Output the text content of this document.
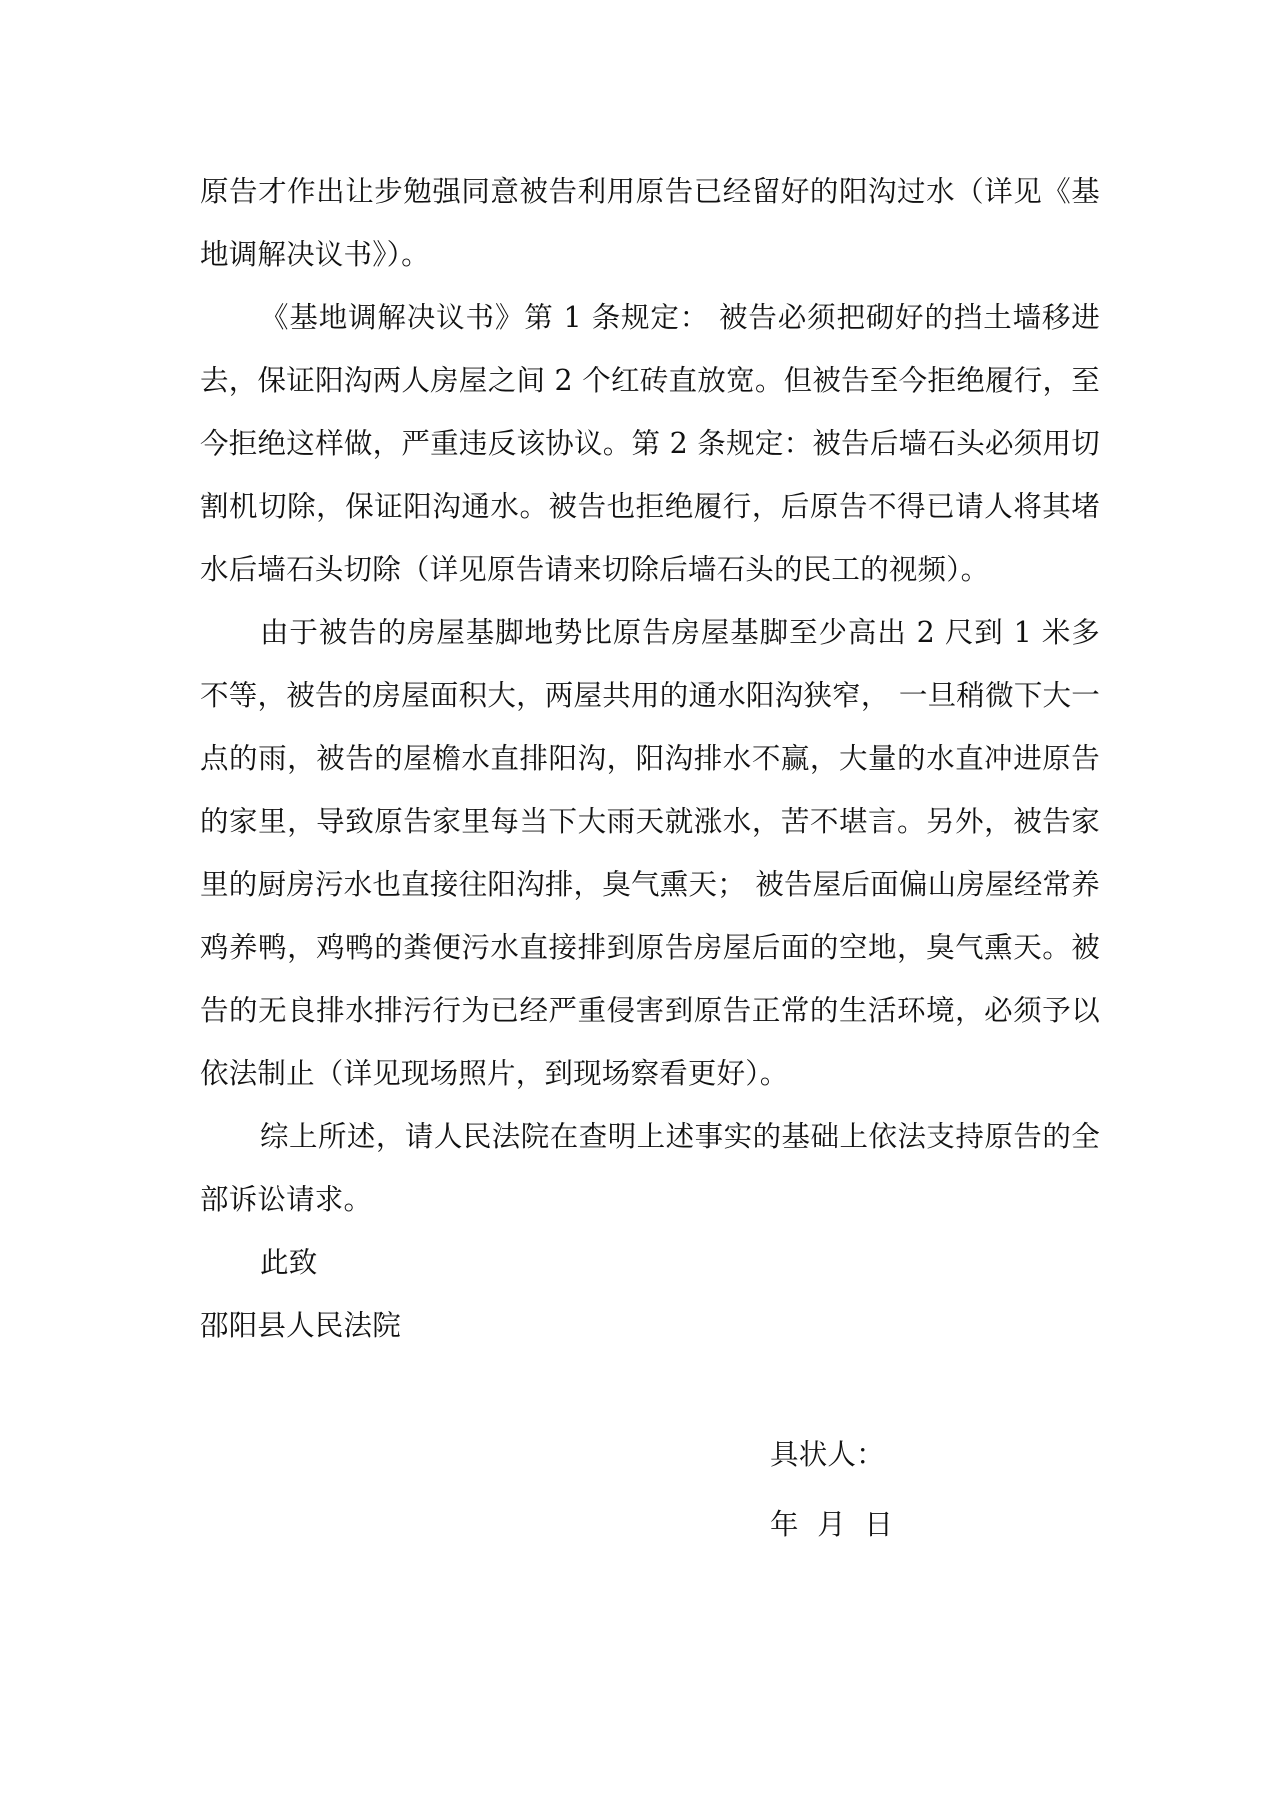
原告才作出让步勉强同意被告利用原告已经留好的阳沟过水（详见《基地调解决议书》）。

《基地调解决议书》第 1 条规定： 被告必须把砌好的挡土墙移进去，保证阳沟两人房屋之间 2 个红砖直放宽。但被告至今拒绝履行，至今拒绝这样做，严重违反该协议。第 2 条规定：被告后墙石头必须用切割机切除，保证阳沟通水。被告也拒绝履行，后原告不得已请人将其堵水后墙石头切除（详见原告请来切除后墙石头的民工的视频）。

由于被告的房屋基脚地势比原告房屋基脚至少高出 2 尺到 1 米多不等，被告的房屋面积大，两屋共用的通水阳沟狭窄， 一旦稍微下大一点的雨，被告的屋檐水直排阳沟，阳沟排水不赢，大量的水直冲进原告的家里，导致原告家里每当下大雨天就涨水，苦不堪言。另外，被告家里的厨房污水也直接往阳沟排，臭气熏天； 被告屋后面偏山房屋经常养鸡养鸭，鸡鸭的粪便污水直接排到原告房屋后面的空地，臭气熏天。被告的无良排水排污行为已经严重侵害到原告正常的生活环境，必须予以依法制止（详见现场照片，到现场察看更好）。

综上所述，请人民法院在查明上述事实的基础上依法支持原告的全部诉讼请求。

此致

邵阳县人民法院

具状人：
年  月  日
